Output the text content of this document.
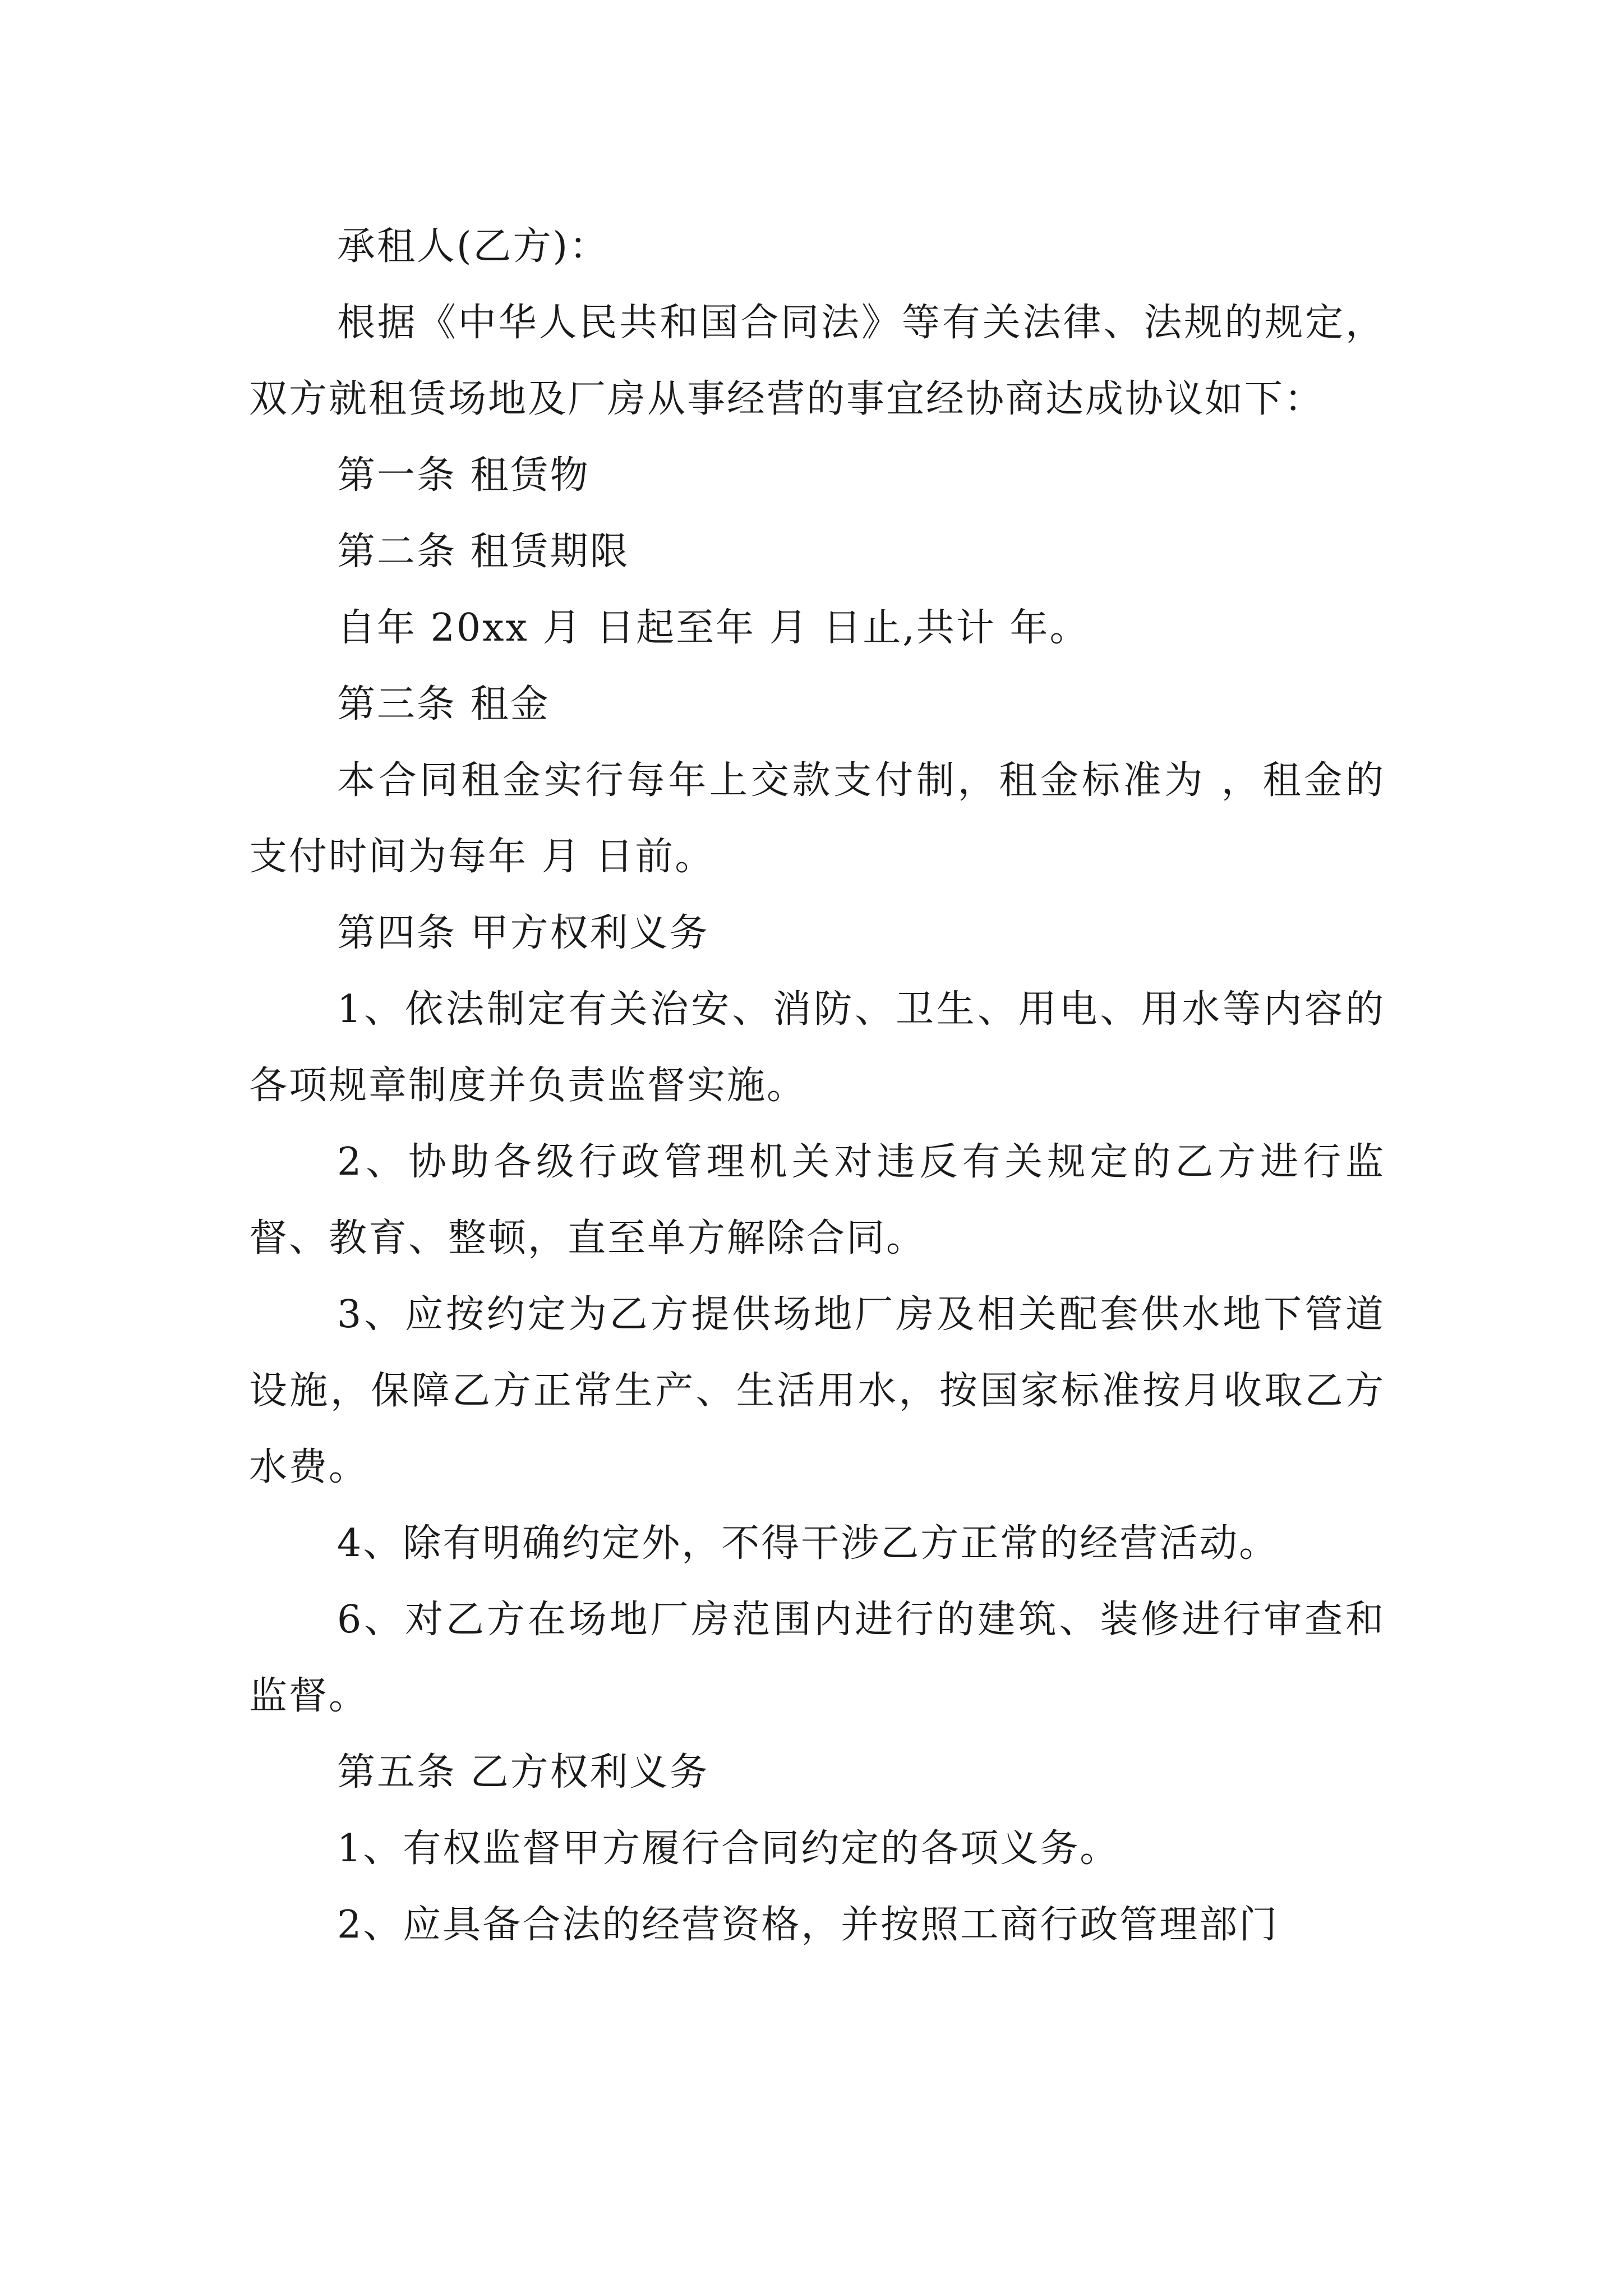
承租人(乙方)：

根据《中华人民共和国合同法》等有关法律、法规的规定，双方就租赁场地及厂房从事经营的事宜经协商达成协议如下：

第一条 租赁物

第二条 租赁期限

自年 20xx 月 日起至年 月 日止,共计 年。

第三条 租金

本合同租金实行每年上交款支付制，租金标准为 ，租金的支付时间为每年 月 日前。

第四条 甲方权利义务

1、依法制定有关治安、消防、卫生、用电、用水等内容的各项规章制度并负责监督实施。

2、协助各级行政管理机关对违反有关规定的乙方进行监督、教育、整顿，直至单方解除合同。

3、应按约定为乙方提供场地厂房及相关配套供水地下管道设施，保障乙方正常生产、生活用水，按国家标准按月收取乙方水费。

4、除有明确约定外，不得干涉乙方正常的经营活动。

6、对乙方在场地厂房范围内进行的建筑、装修进行审查和监督。

第五条 乙方权利义务

1、有权监督甲方履行合同约定的各项义务。

2、应具备合法的经营资格，并按照工商行政管理部门
